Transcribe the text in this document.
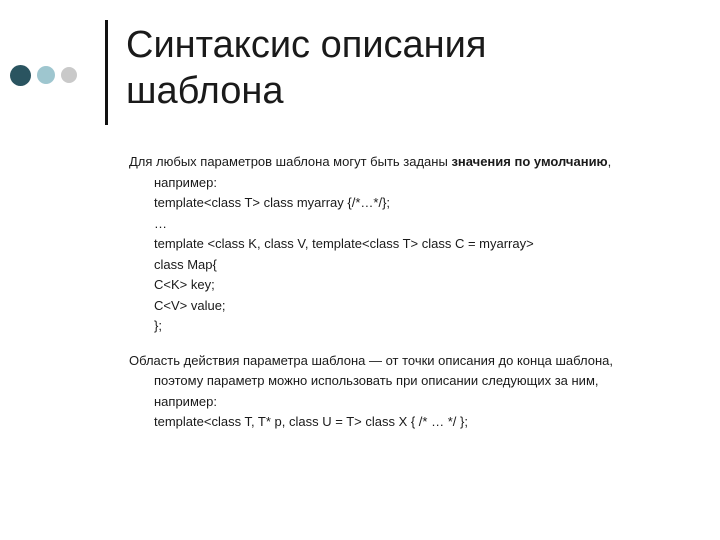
Синтаксис описания
шаблона
Для любых параметров шаблона могут быть заданы значения по умолчанию,
например:
template<class T> class myarray {/*…*/};
…
template <class K, class V, template<class T> class C = myarray>
class Map{
C<K> key;
C<V> value;
};
Область действия параметра шаблона — от точки описания до конца шаблона,
поэтому параметр можно использовать при описании следующих за ним,
например:
template<class T, T* p, class U = T> class X { /* … */ };
